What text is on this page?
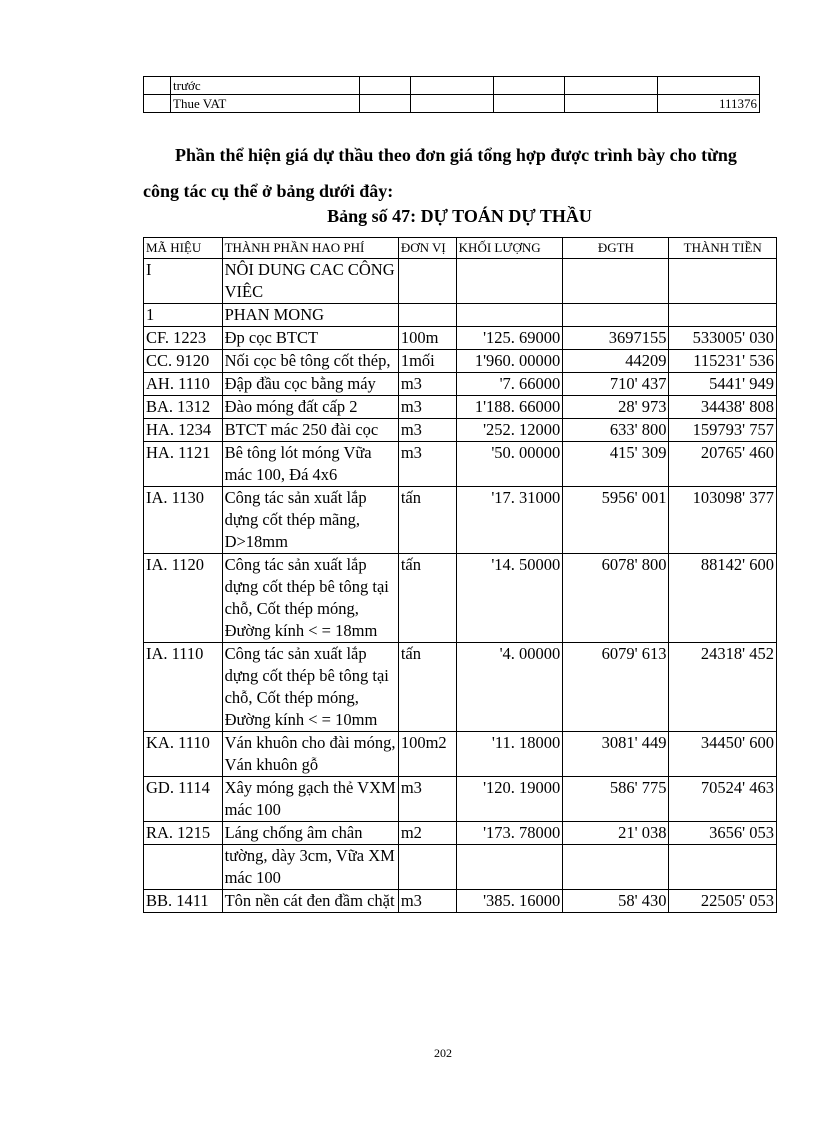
	trước					
	Thue VAT					111376
Phần thể hiện giá dự thầu theo đơn giá tổng hợp được trình bày cho từng công tác cụ thể ở bảng dưới đây:
Bảng số 47: DỰ TOÁN DỰ THẦU
MÃ HIỆU	THÀNH PHẦN HAO PHÍ	ĐƠN VỊ	KHỐI LƯỢNG	ĐGTH	THÀNH TIỀN
I	NÔI DUNG CAC CÔNG VIÊC				
1	PHAN MONG				
CF. 1223	Đp cọc BTCT	100m	'125. 69000	3697155	533005' 030
CC. 9120	Nối cọc bê tông cốt thép,	1mối	1'960. 00000	44209	115231' 536
AH. 1110	Đập đầu cọc bằng máy	m3	'7. 66000	710' 437	5441' 949
BA. 1312	Đào móng đất cấp 2	m3	1'188. 66000	28' 973	34438' 808
HA. 1234	BTCT mác 250 đài cọc	m3	'252. 12000	633' 800	159793' 757
HA. 1121	Bê tông lót móng Vữa mác 100, Đá 4x6	m3	'50. 00000	415' 309	20765' 460
IA. 1130	Công tác sản xuất lắp dựng cốt thép mãng, D>18mm	tấn	'17. 31000	5956' 001	103098' 377
IA. 1120	Công tác sản xuất lắp dựng cốt thép bê tông tại chỗ, Cốt thép móng, Đường kính < = 18mm	tấn	'14. 50000	6078' 800	88142' 600
IA. 1110	Công tác sản xuất lắp dựng cốt thép bê tông tại chỗ, Cốt thép móng, Đường kính < = 10mm	tấn	'4. 00000	6079' 613	24318' 452
KA. 1110	Ván khuôn cho đài móng, Ván khuôn gỗ	100m2	'11. 18000	3081' 449	34450' 600
GD. 1114	Xây móng gạch thẻ VXM mác 100	m3	'120. 19000	586' 775	70524' 463
RA. 1215	Láng chống âm chân	m2	'173. 78000	21' 038	3656' 053
	tường, dày 3cm, Vữa XM mác 100				
BB. 1411	Tôn nền cát đen đầm chặt	m3	'385. 16000	58' 430	22505' 053
202
